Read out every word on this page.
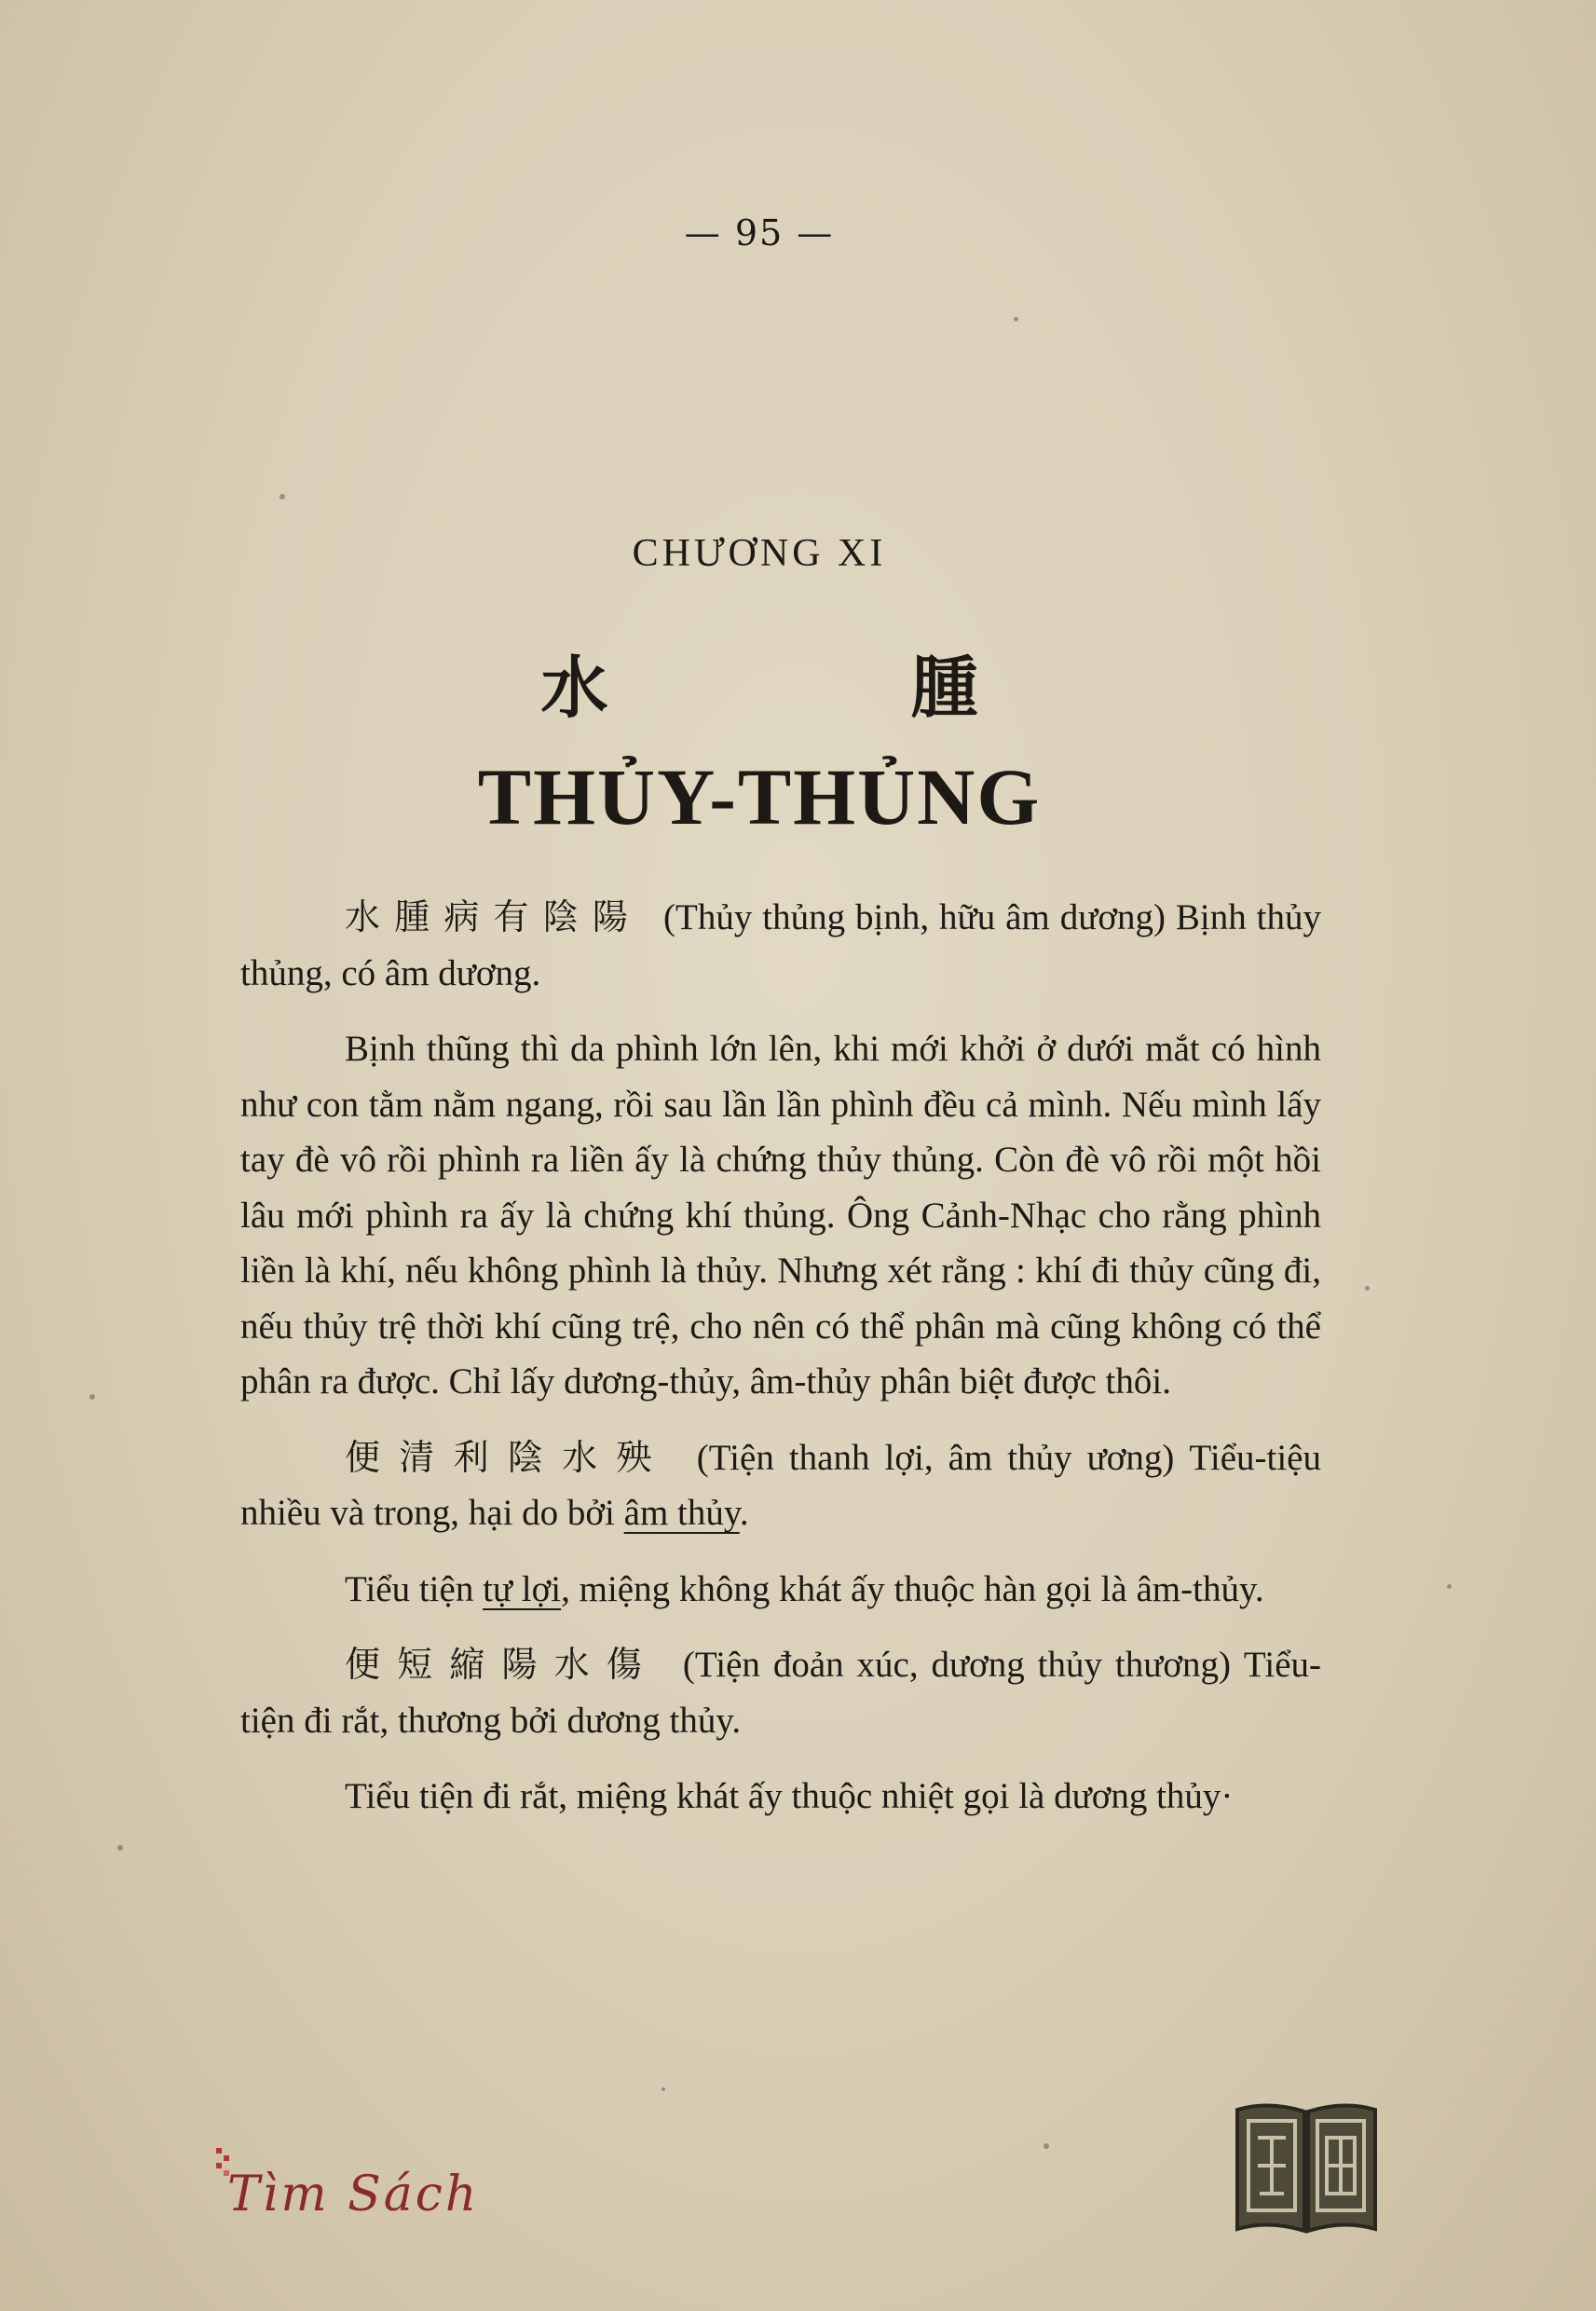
— 95 —
CHƯƠNG XI
水 腫
THỦY-THỦNG

水腫病有陰陽 (Thủy thủng bịnh, hữu âm dương) Bịnh thủy thủng, có âm dương.

Bịnh thũng thì da phình lớn lên, khi mới khởi ở dưới mắt có hình như con tằm nằm ngang, rồi sau lần lần phình đều cả mình. Nếu mình lấy tay đè vô rồi phình ra liền ấy là chứng thủy thủng. Còn đè vô rồi một hồi lâu mới phình ra ấy là chứng khí thủng. Ông Cảnh-Nhạc cho rằng phình liền là khí, nếu không phình là thủy. Nhưng xét rằng : khí đi thủy cũng đi, nếu thủy trệ thời khí cũng trệ, cho nên có thể phân mà cũng không có thể phân ra được. Chỉ lấy dương-thủy, âm-thủy phân biệt được thôi.

便清利陰水殃 (Tiện thanh lợi, âm thủy ương) Tiểu-tiệu nhiều và trong, hại do bởi âm thủy.

Tiểu tiện tự lợi, miệng không khát ấy thuộc hàn gọi là âm-thủy.

便短縮陽水傷 (Tiện đoản xúc, dương thủy thương) Tiểu-tiện đi rắt, thương bởi dương thủy.

Tiểu tiện đi rắt, miệng khát ấy thuộc nhiệt gọi là dương thủy·

Tìm Sách
